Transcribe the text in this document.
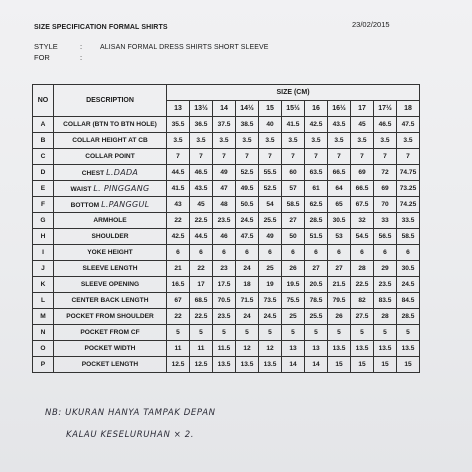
SIZE SPECIFICATION FORMAL SHIRTS	23/02/2015
STYLE	:	ALISAN FORMAL DRESS SHIRTS SHORT SLEEVE
FOR	:
NO	DESCRIPTION	SIZE (CM)										
		13	13½	14	14½	15	15½	16	16½	17	17½	18
A	COLLAR (BTN TO BTN HOLE)	35.5	36.5	37.5	38.5	40	41.5	42.5	43.5	45	46.5	47.5
B	COLLAR HEIGHT AT CB	3.5	3.5	3.5	3.5	3.5	3.5	3.5	3.5	3.5	3.5	3.5
C	COLLAR POINT	7	7	7	7	7	7	7	7	7	7	7
D	CHEST L.DADA	44.5	46.5	49	52.5	55.5	60	63.5	66.5	69	72	74.75
E	WAIST L. PINGGANG	41.5	43.5	47	49.5	52.5	57	61	64	66.5	69	73.25
F	BOTTOM L.PANGGUL	43	45	48	50.5	54	58.5	62.5	65	67.5	70	74.25
G	ARMHOLE	22	22.5	23.5	24.5	25.5	27	28.5	30.5	32	33	33.5
H	SHOULDER	42.5	44.5	46	47.5	49	50	51.5	53	54.5	56.5	58.5
I	YOKE HEIGHT	6	6	6	6	6	6	6	6	6	6	6
J	SLEEVE LENGTH	21	22	23	24	25	26	27	27	28	29	30.5
K	SLEEVE OPENING	16.5	17	17.5	18	19	19.5	20.5	21.5	22.5	23.5	24.5
L	CENTER BACK LENGTH	67	68.5	70.5	71.5	73.5	75.5	78.5	79.5	82	83.5	84.5
M	POCKET FROM SHOULDER	22	22.5	23.5	24	24.5	25	25.5	26	27.5	28	28.5
N	POCKET FROM CF	5	5	5	5	5	5	5	5	5	5	5
O	POCKET WIDTH	11	11	11.5	12	12	13	13	13.5	13.5	13.5	13.5
P	POCKET LENGTH	12.5	12.5	13.5	13.5	13.5	14	14	15	15	15	15
NB: UKURAN HANYA TAMPAK DEPAN
KALAU KESELURUHAN × 2.
